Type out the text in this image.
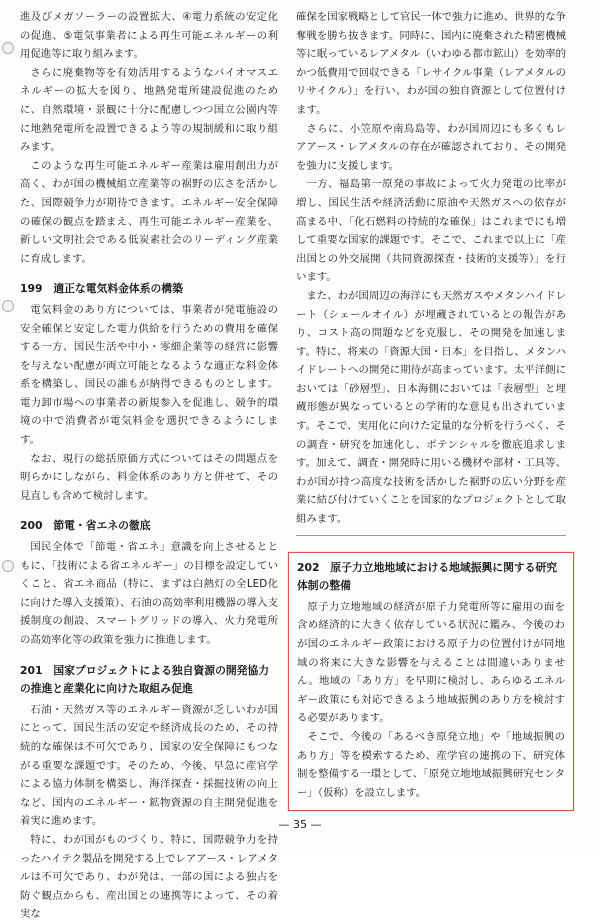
進及びメガソーラーの設置拡大、④電力系統の安定化の促進、⑤電気事業者による再生可能エネルギーの利用促進等に取り組みます。

さらに廃棄物等を有効活用するようなバイオマスエネルギーの拡大を図り、地熱発電所建設促進のために、自然環境・景観に十分に配慮しつつ国立公園内等に地熱発電所を設置できるよう等の規制緩和に取り組みます。

このような再生可能エネルギー産業は雇用創出力が高く、わが国の機械組立産業等の裾野の広さを活かした、国際競争力が期待できます。エネルギー安全保障の確保の観点を踏まえ、再生可能エネルギー産業を、新しい文明社会である低炭素社会のリーディング産業に育成します。

199　適正な電気料金体系の構築

電気料金のあり方については、事業者が発電施設の安全確保と安定した電力供給を行うための費用を確保する一方、国民生活や中小・零細企業等の経営に影響を与えない配慮が両立可能となるような適正な料金体系を構築し、国民の誰もが納得できるものとします。電力卸市場への事業者の新規参入を促進し、競争的環境の中で消費者が電気料金を選択できるようにします。

なお、現行の総括原価方式についてはその問題点を明らかにしながら、料金体系のあり方と併せて、その見直しも含めて検討します。

200　節電・省エネの徹底

国民全体で「節電・省エネ」意識を向上させるとともに、「技術による省エネルギー」の目標を設定していくこと、省エネ商品（特に、まずは白熱灯の全LED化に向けた導入支援策）、石油の高効率利用機器の導入支援制度の創設、スマートグリッドの導入、火力発電所の高効率化等の政策を強力に推進します。

201　国家プロジェクトによる独自資源の開発協力の推進と産業化に向けた取組み促進

石油・天然ガス等のエネルギー資源が乏しいわが国にとって、国民生活の安定や経済成長のため、その持続的な確保は不可欠であり、国家の安全保障にもつながる重要な課題です。そのため、今後、早急に産官学による協力体制を構築し、海洋探査・採掘技術の向上など、国内のエネルギー・鉱物資源の自主開発促進を着実に進めます。

特に、わが国がものづくり、特に、国際競争力を持ったハイテク製品を開発する上でレアアース・レアメタルは不可欠であり、わが発は、一部の国による独占を防ぐ観点からも、産出国との連携等によって、その着実な

確保を国家戦略として官民一体で強力に進め、世界的な争奪戦を勝ち抜きます。同時に、国内に廃棄された精密機械等に眠っているレアメタル（いわゆる都市鉱山）を効率的かつ低費用で回収できる「レサイクル事業（レアメタルのリサイクル）」を行い、わが国の独自資源として位置付けます。

さらに、小笠原や南鳥島等、わが国周辺にも多くもレアアース・レアメタルの存在が確認されており、その開発を強力に支援します。

一方、福島第一原発の事故によって火力発電の比率が増し、国民生活や経済活動に原油や天然ガスへの依存が高まる中、「化石燃料の持続的な確保」はこれまでにも増して重要な国家的課題です。そこで、これまで以上に「産出国との外交展開（共同資源探査・技術的支援等）」を行います。

また、わが国周辺の海洋にも天然ガスやメタンハイドレート（シェールオイル）が埋蔵されているとの報告があり、コスト高の問題などを克服し、その開発を加速します。特に、将来の「資源大国・日本」を目指し、メタンハイドレートへの開発に期待が高まっています。太平洋側においては「砂層型」、日本海側においては「表層型」と埋蔵形態が異なっているとの学術的な意見も出されています。そこで、実用化に向けた定量的な分析を行うべく、その調査・研究を加速化し、ポテンシャルを徹底追求します。加えて、調査・開発時に用いる機材や部材・工具等、わが国が持つ高度な技術を活かした裾野の広い分野を産業に結び付けていくことを国家的なプロジェクトとして取組みます。

202　原子力立地地域における地域振興に関する研究体制の整備

原子力立地地域の経済が原子力発電所等に雇用の面を含め経済的に大きく依存している状況に鑑み、今後のわが国のエネルギー政策における原子力の位置付けが同地域の将来に大きな影響を与えることは間違いありません。地域の「あり方」を早期に検討し、あらゆるエネルギー政策にも対応できるよう地域振興のあり方を検討する必要があります。

そこで、今後の「あるべき原発立地」や「地域振興のあり方」等を模索するため、産学官の連携の下、研究体制を整備する一環として、「原発立地地域振興研究センター」（仮称）を設立します。

— 35 —
